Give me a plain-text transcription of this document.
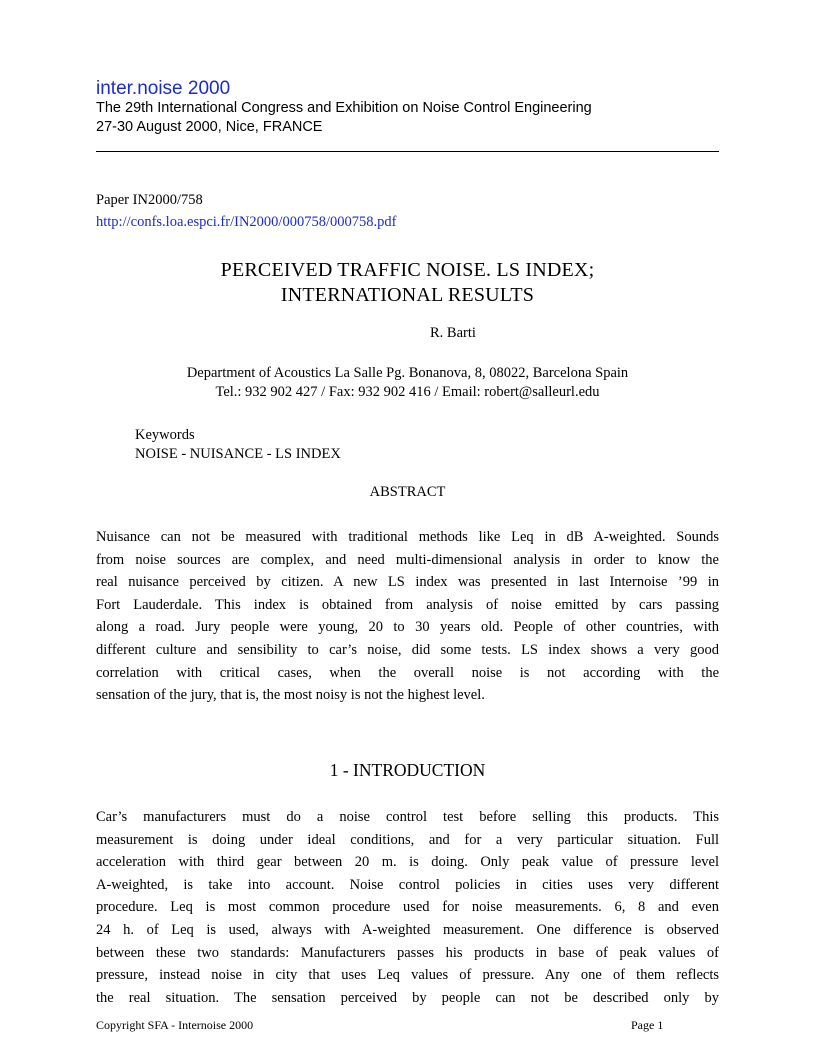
inter.noise 2000
The 29th International Congress and Exhibition on Noise Control Engineering
27-30 August 2000, Nice, FRANCE
Paper IN2000/758
http://confs.loa.espci.fr/IN2000/000758/000758.pdf
PERCEIVED TRAFFIC NOISE. LS INDEX;
INTERNATIONAL RESULTS
R. Barti
Department of Acoustics La Salle Pg. Bonanova, 8, 08022, Barcelona Spain
Tel.: 932 902 427 / Fax: 932 902 416 / Email: robert@salleurl.edu
Keywords
NOISE - NUISANCE - LS INDEX
ABSTRACT
Nuisance can not be measured with traditional methods like Leq in dB A-weighted. Sounds
from noise sources are complex, and need multi-dimensional analysis in order to know the
real nuisance perceived by citizen. A new LS index was presented in last Internoise ’99 in
Fort Lauderdale. This index is obtained from analysis of noise emitted by cars passing
along a road. Jury people were young, 20 to 30 years old. People of other countries, with
different culture and sensibility to car’s noise, did some tests. LS index shows a very good
correlation with critical cases, when the overall noise is not according with the
sensation of the jury, that is, the most noisy is not the highest level.
1 - INTRODUCTION
Car’s manufacturers must do a noise control test before selling this products. This
measurement is doing under ideal conditions, and for a very particular situation. Full
acceleration with third gear between 20 m. is doing. Only peak value of pressure level
A-weighted, is take into account. Noise control policies in cities uses very different
procedure. Leq is most common procedure used for noise measurements. 6, 8 and even
24 h. of Leq is used, always with A-weighted measurement. One difference is observed
between these two standards: Manufacturers passes his products in base of peak values of
pressure, instead noise in city that uses Leq values of pressure. Any one of them reflects
the real situation. The sensation perceived by people can not be described only by
Copyright SFA - Internoise 2000	Page 1
